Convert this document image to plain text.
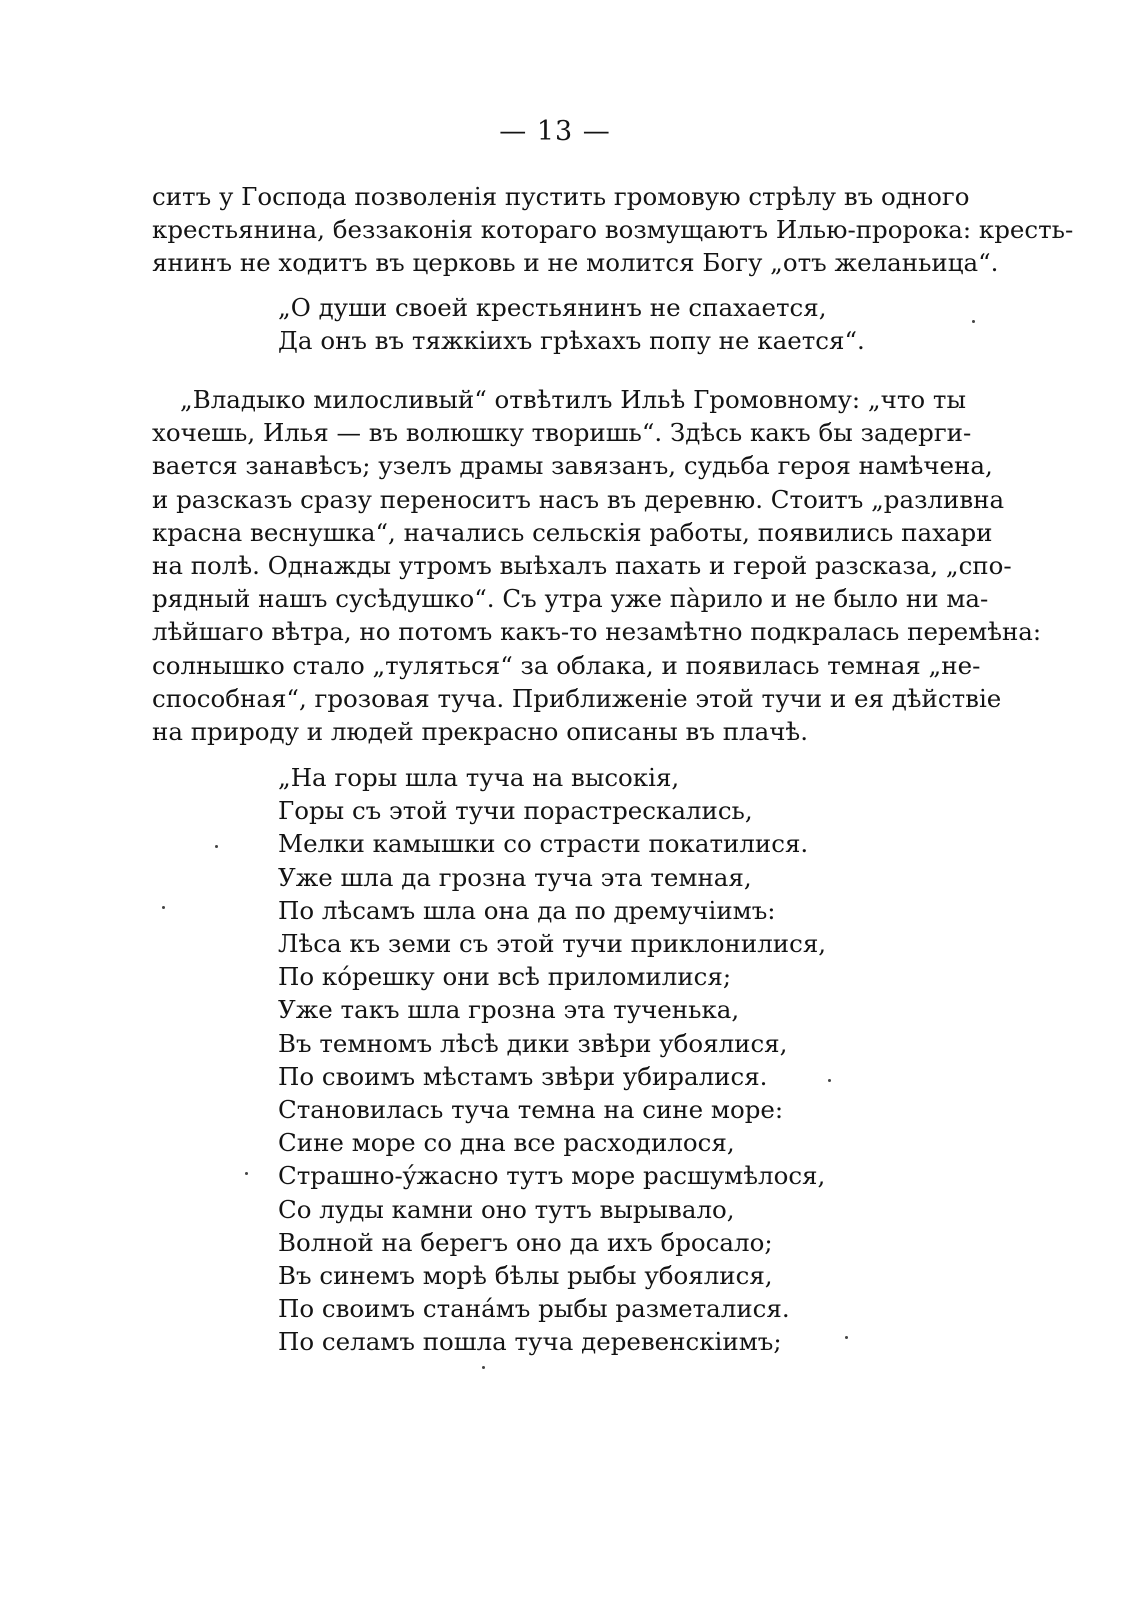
— 13 —
ситъ у Господа позволенія пустить громовую стрѣлу въ одного
крестьянина, беззаконія котораго возмущаютъ Илью-пророка: кресть-
янинъ не ходитъ въ церковь и не молится Богу „отъ желаньица“.
„О души своей крестьянинъ не спахается,
Да онъ въ тяжкiихъ грѣхахъ попу не кается“.
„Владыко милосливый“ отвѣтилъ Ильѣ Громовному: „что ты
хочешь, Илья — въ волюшку творишь“. Здѣсь какъ бы задерги-
вается занавѣсъ; узелъ драмы завязанъ, судьба героя намѣчена,
и разсказъ сразу переноситъ насъ въ деревню. Стоитъ „разливна
красна веснушка“, начались сельскія работы, появились пахари
на полѣ. Однажды утромъ выѣхалъ пахать и герой разсказа, „спо-
рядный нашъ сусѣдушко“. Съ утра уже пàрило и не было ни ма-
лѣйшаго вѣтра, но потомъ какъ-то незамѣтно подкралась перемѣна:
солнышко стало „тулятьcя“ за облака, и появилась темная „не-
способная“, грозовая туча. Приближеніе этой тучи и ея дѣйствіе
на природу и людей прекрасно описаны въ плачѣ.
„На горы шла туча на высокія,
Горы съ этой тучи порастрескались,
Мелки камышки со страсти покатилися.
Уже шла да грозна туча эта темная,
По лѣсамъ шла она да по дремучiимъ:
Лѣса къ земи съ этой тучи приклонилися,
По кóрешку они всѣ приломилися;
Уже такъ шла грозна эта тученька,
Въ темномъ лѣсѣ дики звѣри убоялися,
По своимъ мѣстамъ звѣри убиралися.
Становилась туча темна на сине море:
Сине море со дна все расходилося,
Страшно-ýжасно тутъ море расшумѣлося,
Со луды камни оно тутъ вырывало,
Волной на берегъ оно да ихъ бросало;
Въ синемъ морѣ бѣлы рыбы убоялися,
По своимъ станáмъ рыбы разметалися.
По селамъ пошла туча деревенскiимъ;
